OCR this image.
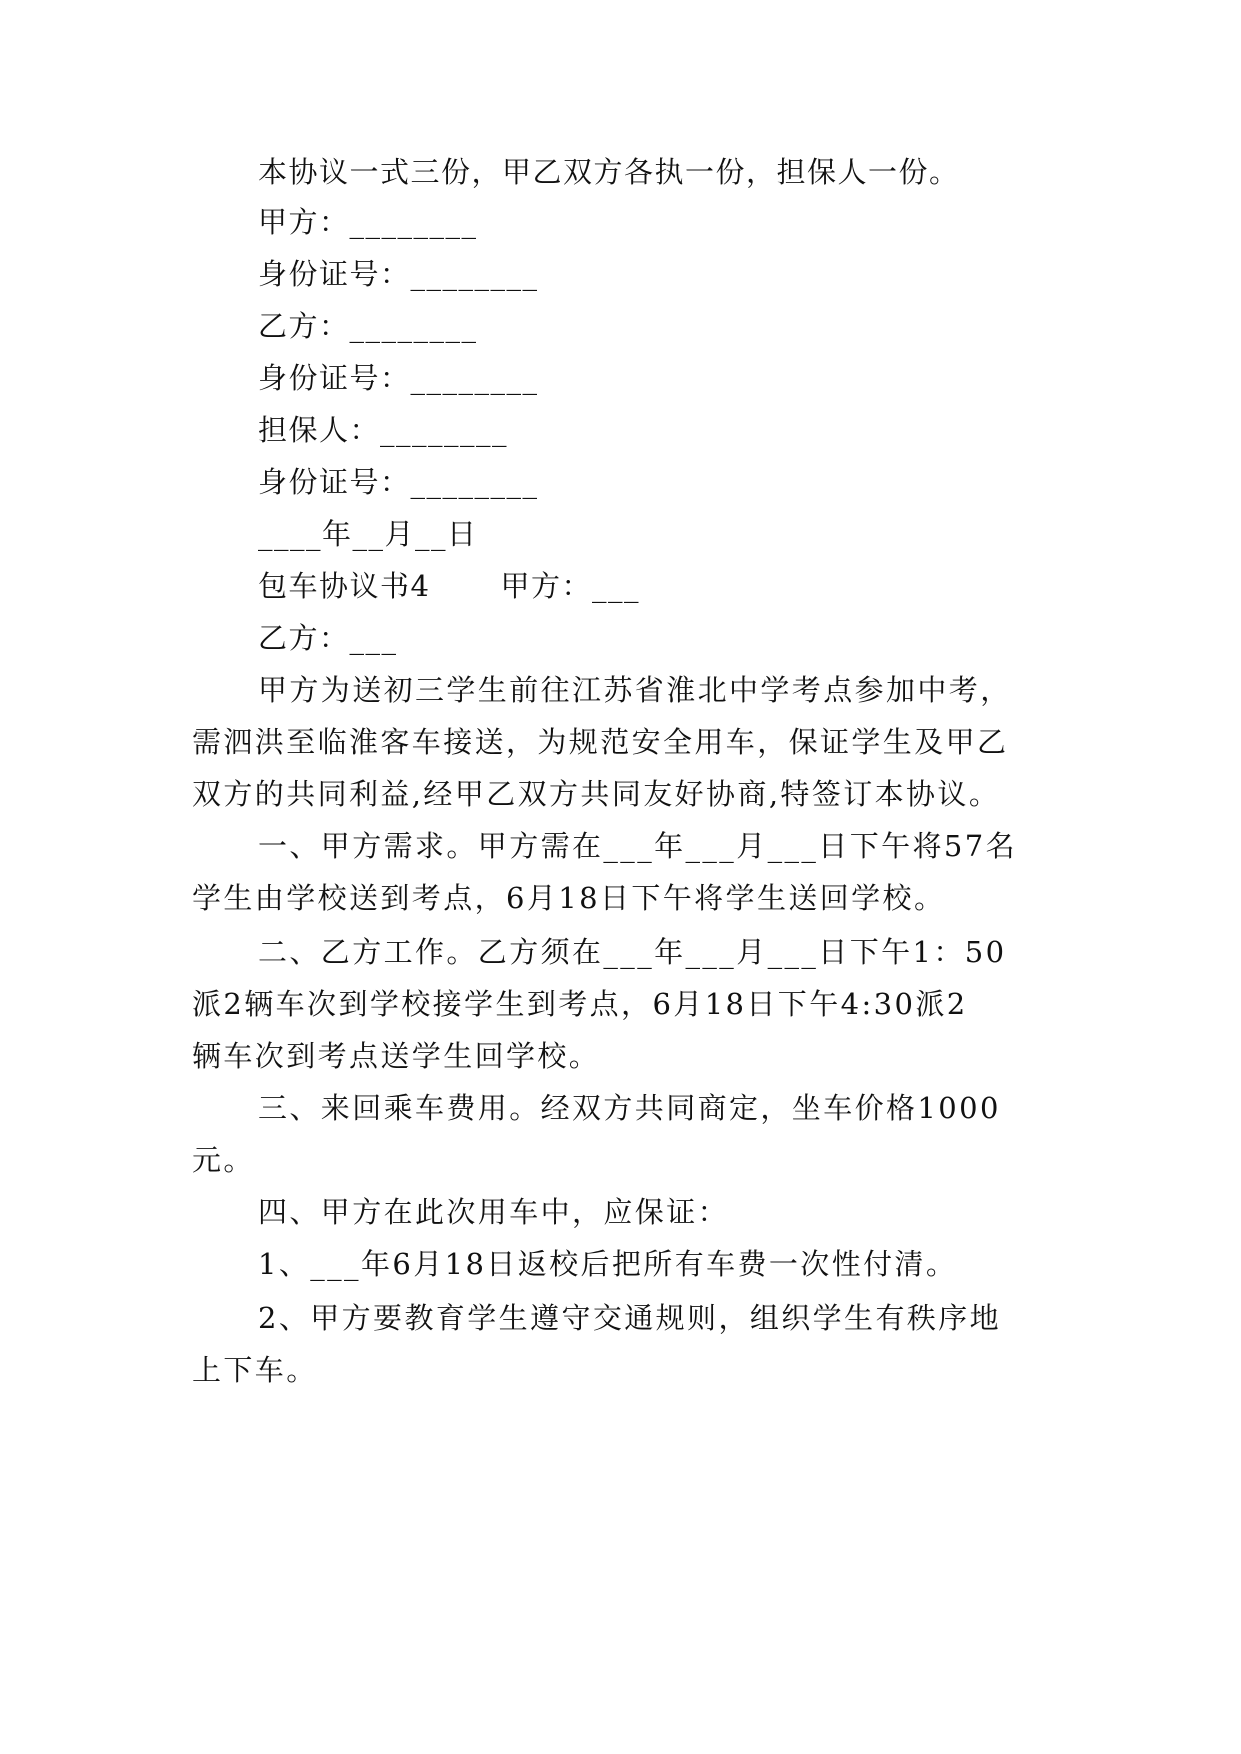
本协议一式三份，甲乙双方各执一份，担保人一份。
甲方：________
身份证号：________
乙方：________
身份证号：________
担保人：________
身份证号：________
____年__月__日
包车协议书4 甲方：___
乙方：___
甲方为送初三学生前往江苏省淮北中学考点参加中考，
需泗洪至临淮客车接送，为规范安全用车，保证学生及甲乙
双方的共同利益,经甲乙双方共同友好协商,特签订本协议。
一、甲方需求。甲方需在___年___月___日下午将57名
学生由学校送到考点，6月18日下午将学生送回学校。
二、乙方工作。乙方须在___年___月___日下午1：50
派2辆车次到学校接学生到考点，6月18日下午4:30派2
辆车次到考点送学生回学校。
三、来回乘车费用。经双方共同商定，坐车价格1000
元。
四、甲方在此次用车中，应保证：
1、___年6月18日返校后把所有车费一次性付清。
2、甲方要教育学生遵守交通规则，组织学生有秩序地
上下车。
